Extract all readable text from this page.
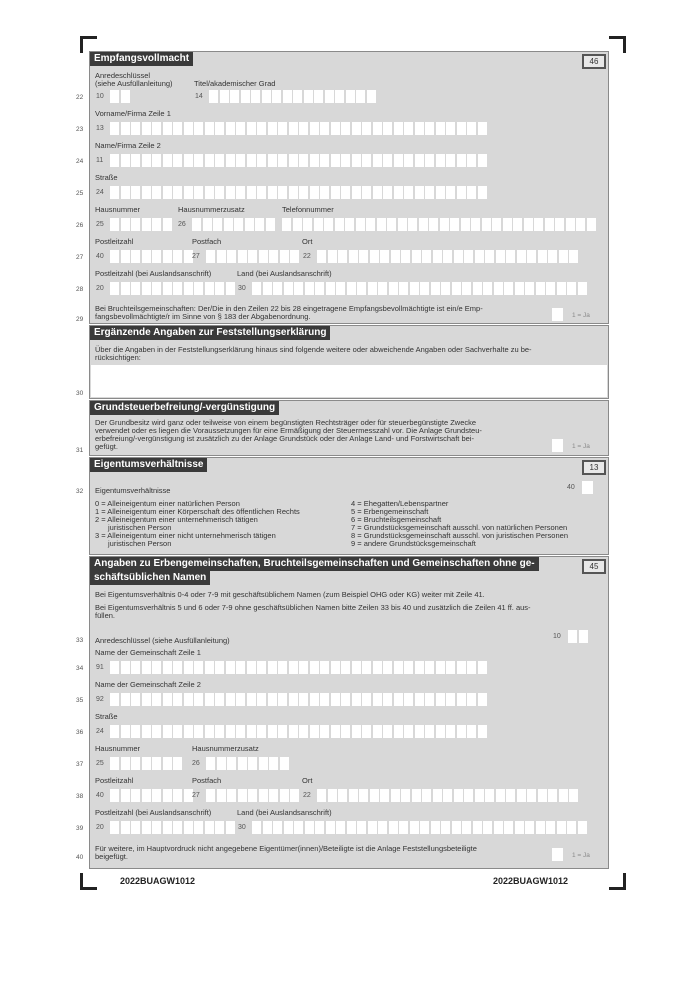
Empfangsvollmacht	46
Anredeschlüssel
(siehe Ausfüllanleitung)	Titel/akademischer Grad
22 10	14
Vorname/Firma Zeile 1
23 13
Name/Firma Zeile 2
24 11
Straße
25 24
Hausnummer	Hausnummerzusatz	Telefonnummer
26 25	26
Postleitzahl	Postfach	Ort
27 40	27	22
Postleitzahl (bei Auslandsanschrift)	Land (bei Auslandsanschrift)
28 20	30
Bei Bruchteilsgemeinschaften: Der/Die in den Zeilen 22 bis 28 eingetragene Empfangsbevollmächtigte ist ein/e Emp-
fangsbevollmächtigte/r im Sinne von § 183 der Abgabenordnung.
29
1 = Ja
Ergänzende Angaben zur Feststellungserklärung
Über die Angaben in der Feststellungserklärung hinaus sind folgende weitere oder abweichende Angaben oder Sachverhalte zu be-
rücksichtigen:
30
Grundsteuerbefreiung/-vergünstigung
Der Grundbesitz wird ganz oder teilweise von einem begünstigten Rechtsträger oder für steuerbegünstigte Zwecke
verwendet oder es liegen die Voraussetzungen für eine Ermäßigung der Steuermesszahl vor. Die Anlage Grundsteu-
erbefreiung/-vergünstigung ist zusätzlich zu der Anlage Grundstück oder der Anlage Land- und Forstwirtschaft bei-
gefügt.
31
1 = Ja
Eigentumsverhältnisse	13
Eigentumsverhältnisse
32
40
0 = Alleineigentum einer natürlichen Person
1 = Alleineigentum einer Körperschaft des öffentlichen Rechts
2 = Alleineigentum einer unternehmerisch tätigen
juristischen Person
3 = Alleineigentum einer nicht unternehmerisch tätigen
juristischen Person
4 = Ehegatten/Lebenspartner
5 = Erbengemeinschaft
6 = Bruchteilsgemeinschaft
7 = Grundstücksgemeinschaft ausschl. von natürlichen Personen
8 = Grundstücksgemeinschaft ausschl. von juristischen Personen
9 = andere Grundstücksgemeinschaft
Angaben zu Erbengemeinschaften, Bruchteilsgemeinschaften und Gemeinschaften ohne ge-
schäftsüblichen Namen
45
Bei Eigentumsverhältnis 0-4 oder 7-9 mit geschäftsüblichem Namen (zum Beispiel OHG oder KG) weiter mit Zeile 41.
Bei Eigentumsverhältnis 5 und 6 oder 7-9 ohne geschäftsüblichen Namen bitte Zeilen 33 bis 40 und zusätzlich die Zeilen 41 ff. aus-
füllen.
Anredeschlüssel (siehe Ausfüllanleitung)
33
10
Name der Gemeinschaft Zeile 1
34 91
Name der Gemeinschaft Zeile 2
35 92
Straße
36 24
Hausnummer	Hausnummerzusatz
37 25	26
Postleitzahl	Postfach	Ort
38 40	27	22
Postleitzahl (bei Auslandsanschrift)	Land (bei Auslandsanschrift)
39 20	30
Für weitere, im Hauptvordruck nicht angegebene Eigentümer(innen)/Beteiligte ist die Anlage Feststellungsbeteiligte
beigefügt.
40	1 = Ja
2022BUAGW1012	2022BUAGW1012
